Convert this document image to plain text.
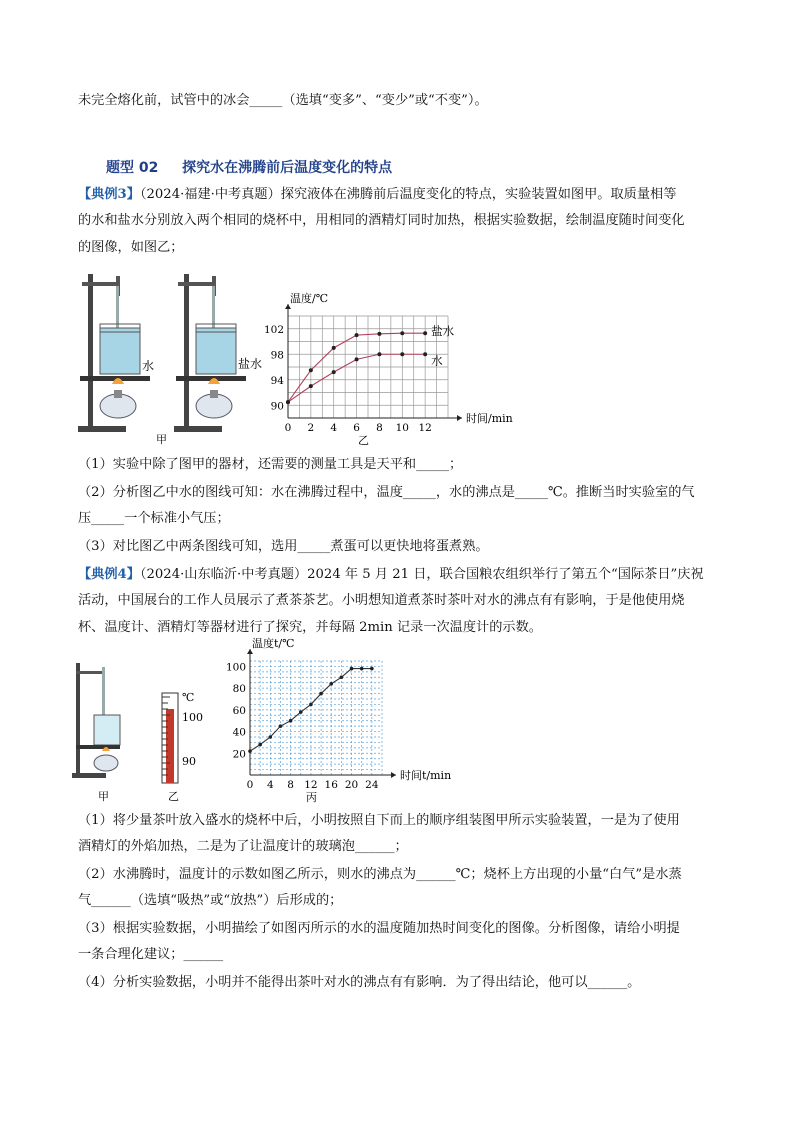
未完全熔化前，试管中的冰会_____（选填“变多”、“变少”或“不变”）。
题型 02 探究水在沸腾前后温度变化的特点
【典例3】（2024·福建·中考真题）探究液体在沸腾前后温度变化的特点，实验装置如图甲。取质量相等
的水和盐水分别放入两个相同的烧杯中，用相同的酒精灯同时加热，根据实验数据，绘制温度随时间变化
的图像，如图乙；
水
甲
盐水
0 2 4 6 8 10 12
90
94
98
102
时间/min
温度/℃
盐水
水
乙
（1）实验中除了图甲的器材，还需要的测量工具是天平和_____；
（2）分析图乙中水的图线可知：水在沸腾过程中，温度_____，水的沸点是_____℃。推断当时实验室的气
压_____一个标准小气压；
（3）对比图乙中两条图线可知，选用_____煮蛋可以更快地将蛋煮熟。
【典例4】（2024·山东临沂·中考真题）2024 年 5 月 21 日，联合国粮农组织举行了第五个“国际茶日”庆祝
活动，中国展台的工作人员展示了煮茶茶艺。小明想知道煮茶时茶叶对水的沸点有有影响，于是他使用烧
杯、温度计、酒精灯等器材进行了探究，并每隔 2min 记录一次温度计的示数。
甲
℃
100
90
乙
0 4 8 12 16 20 24
20
40
60
80
100
时间t/min
温度t/℃
丙
（1）将少量茶叶放入盛水的烧杯中后，小明按照自下而上的顺序组装图甲所示实验装置，一是为了使用
酒精灯的外焰加热，二是为了让温度计的玻璃泡______；
（2）水沸腾时，温度计的示数如图乙所示，则水的沸点为______℃；烧杯上方出现的小量“白气”是水蒸
气______（选填“吸热”或“放热”）后形成的；
（3）根据实验数据，小明描绘了如图丙所示的水的温度随加热时间变化的图像。分析图像，请给小明提
一条合理化建议；______
（4）分析实验数据，小明并不能得出茶叶对水的沸点有有影响．为了得出结论，他可以______。
